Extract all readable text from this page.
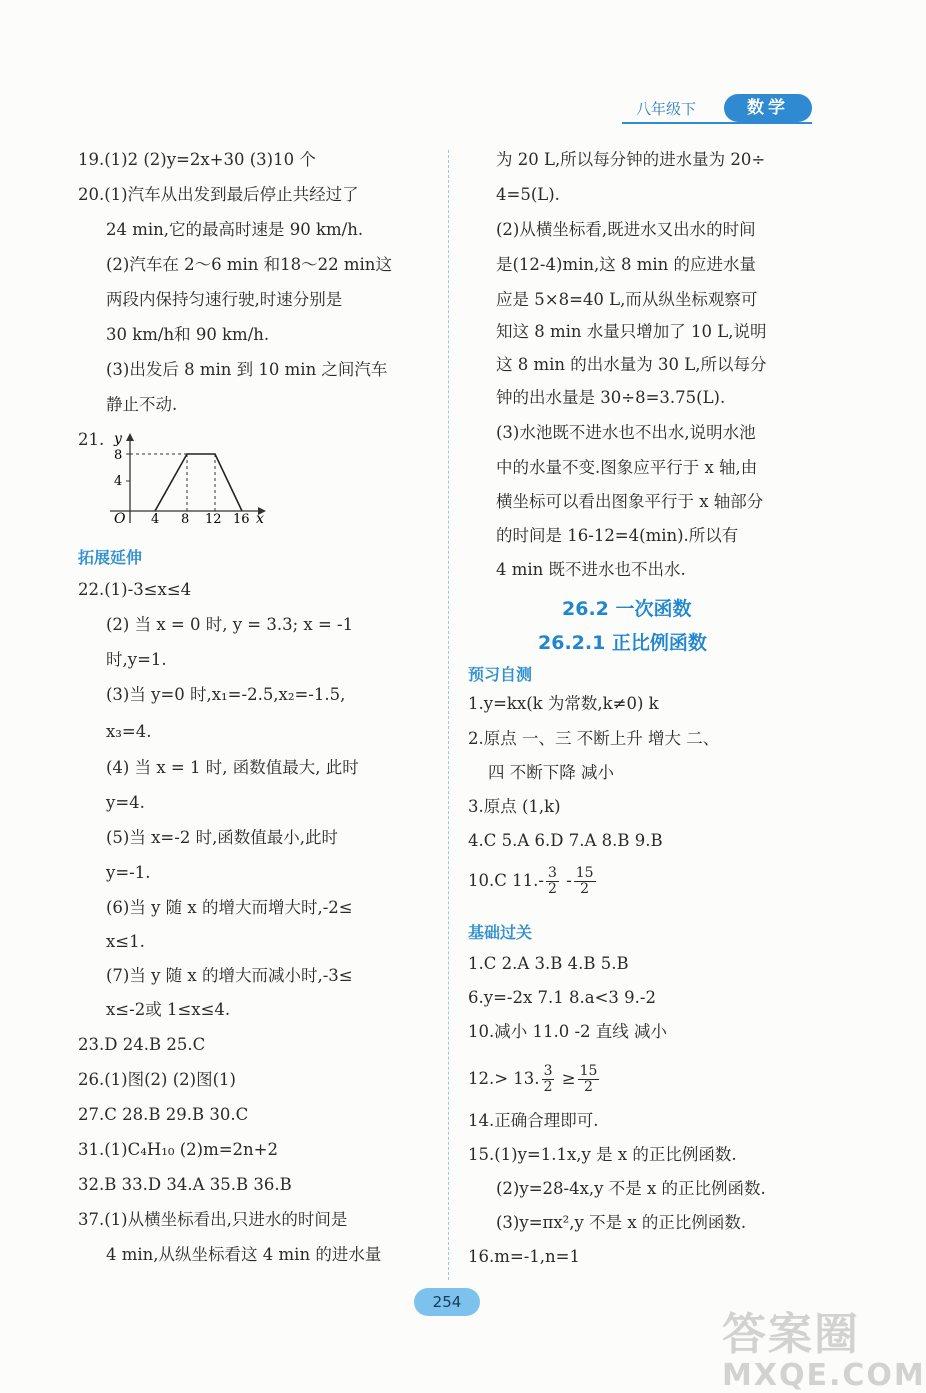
八年级下	数学
19.(1)2 (2)y=2x+30 (3)10 个
20.(1)汽车从出发到最后停止共经过了
24 min,它的最高时速是 90 km/h.
(2)汽车在 2～6 min 和18～22 min这
两段内保持匀速行驶,时速分别是
30 km/h和 90 km/h.
(3)出发后 8 min 到 10 min 之间汽车
静止不动.
21. y
x
O
8
4
4 8 12 16
拓展延伸
22.(1)-3≤x≤4
(2) 当 x = 0 时, y = 3.3; x = -1
时,y=1.
(3)当 y=0 时,x₁=-2.5,x₂=-1.5,
x₃=4.
(4) 当 x = 1 时, 函数值最大, 此时
y=4.
(5)当 x=-2 时,函数值最小,此时
y=-1.
(6)当 y 随 x 的增大而增大时,-2≤
x≤1.
(7)当 y 随 x 的增大而减小时,-3≤
x≤-2或 1≤x≤4.
23.D 24.B 25.C
26.(1)图(2) (2)图(1)
27.C 28.B 29.B 30.C
31.(1)C₄H₁₀ (2)m=2n+2
32.B 33.D 34.A 35.B 36.B
37.(1)从横坐标看出,只进水的时间是
4 min,从纵坐标看这 4 min 的进水量
为 20 L,所以每分钟的进水量为 20÷
4=5(L).
(2)从横坐标看,既进水又出水的时间
是(12-4)min,这 8 min 的应进水量
应是 5×8=40 L,而从纵坐标观察可
知这 8 min 水量只增加了 10 L,说明
这 8 min 的出水量为 30 L,所以每分
钟的出水量是 30÷8=3.75(L).
(3)水池既不进水也不出水,说明水池
中的水量不变.图象应平行于 x 轴,由
横坐标可以看出图象平行于 x 轴部分
的时间是 16-12=4(min).所以有
4 min 既不进水也不出水.
26.2 一次函数
26.2.1 正比例函数
预习自测
1.y=kx(k 为常数,k≠0) k
2.原点 一、三 不断上升 增大 二、
四 不断下降 减小
3.原点 (1,k)
4.C 5.A 6.D 7.A 8.B 9.B
10.C $11.- \frac{3}{2} - \frac{15}{2}$
基础过关
1.C 2.A 3.B 4.B 5.B
6.y=-2x 7.1 8.a<3 9.-2
10.减小 11.0 -2 直线 减小
12.> 13. $\frac{3}{2} \ge \frac{15}{2}$
14.正确合理即可.
15.(1)y=1.1x,y 是 x 的正比例函数.
(2)y=28-4x,y 不是 x 的正比例函数.
(3)y=πx²,y 不是 x 的正比例函数.
16.m=-1,n=1
254
答案圈
MXQE.COM
